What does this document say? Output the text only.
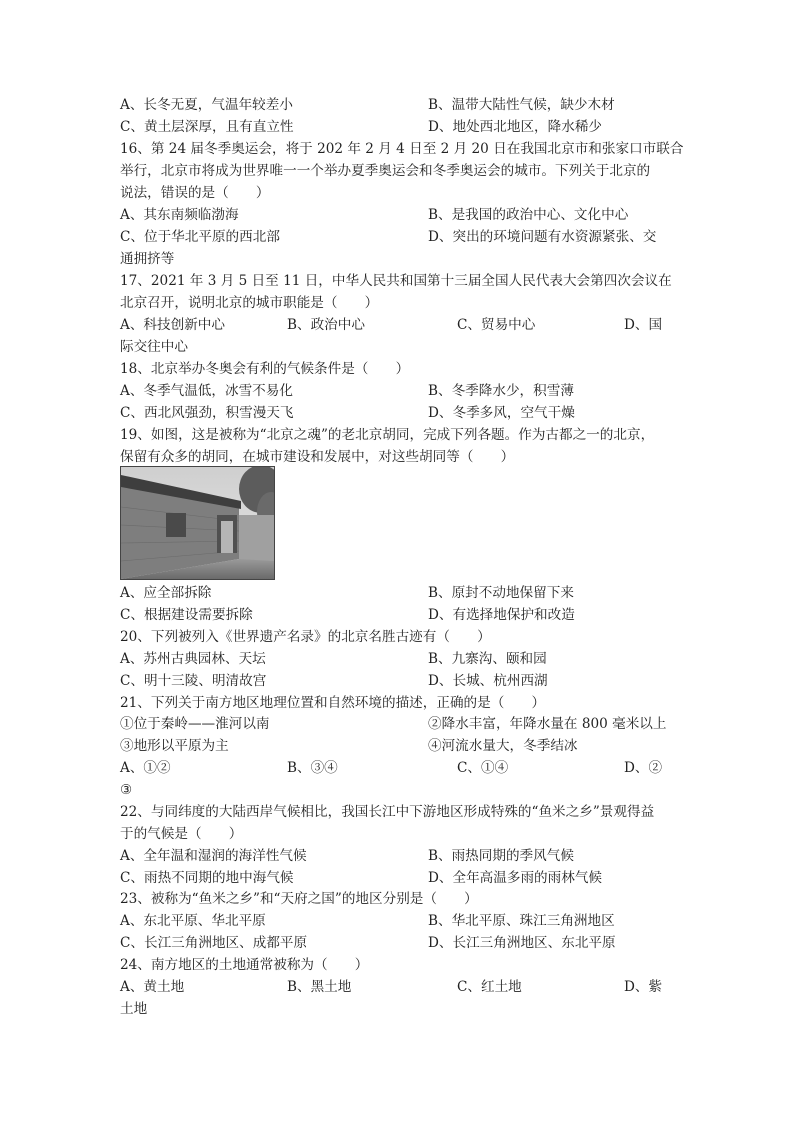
A、长冬无夏，气温年较差小	B、温带大陆性气候，缺少木材
C、黄土层深厚，且有直立性	D、地处西北地区，降水稀少
16、第 24 届冬季奥运会，将于 202 年 2 月 4 日至 2 月 20 日在我国北京市和张家口市联合
举行，北京市将成为世界唯一一个举办夏季奥运会和冬季奥运会的城市。下列关于北京的
说法，错误的是（　　）
A、其东南频临渤海	B、是我国的政治中心、文化中心
C、位于华北平原的西北部	D、突出的环境问题有水资源紧张、交
通拥挤等
17、2021 年 3 月 5 日至 11 日，中华人民共和国第十三届全国人民代表大会第四次会议在
北京召开，说明北京的城市职能是（　　）
A、科技创新中心	B、政治中心	C、贸易中心	D、国
际交往中心
18、北京举办冬奥会有利的气候条件是（　　）
A、冬季气温低，冰雪不易化	B、冬季降水少，积雪薄
C、西北风强劲，积雪漫天飞	D、冬季多风，空气干燥
19、如图，这是被称为“北京之魂”的老北京胡同，完成下列各题。作为古都之一的北京，
保留有众多的胡同，在城市建设和发展中，对这些胡同等（　　）
A、应全部拆除	B、原封不动地保留下来
C、根据建设需要拆除	D、有选择地保护和改造
20、下列被列入《世界遗产名录》的北京名胜古迹有（　　）
A、苏州古典园林、天坛	B、九寨沟、颐和园
C、明十三陵、明清故宫	D、长城、杭州西湖
21、下列关于南方地区地理位置和自然环境的描述，正确的是（　　）
①位于秦岭——淮河以南	②降水丰富，年降水量在 800 毫米以上
③地形以平原为主	④河流水量大，冬季结冰
A、①②	B、③④	C、①④	D、②
③
22、与同纬度的大陆西岸气候相比，我国长江中下游地区形成特殊的“鱼米之乡”景观得益
于的气候是（　　）
A、全年温和湿润的海洋性气候	B、雨热同期的季风气候
C、雨热不同期的地中海气候	D、全年高温多雨的雨林气候
23、被称为“鱼米之乡”和“天府之国”的地区分别是（　　）
A、东北平原、华北平原	B、华北平原、珠江三角洲地区
C、长江三角洲地区、成都平原	D、长江三角洲地区、东北平原
24、南方地区的土地通常被称为（　　）
A、黄土地	B、黑土地	C、红土地	D、紫
土地
